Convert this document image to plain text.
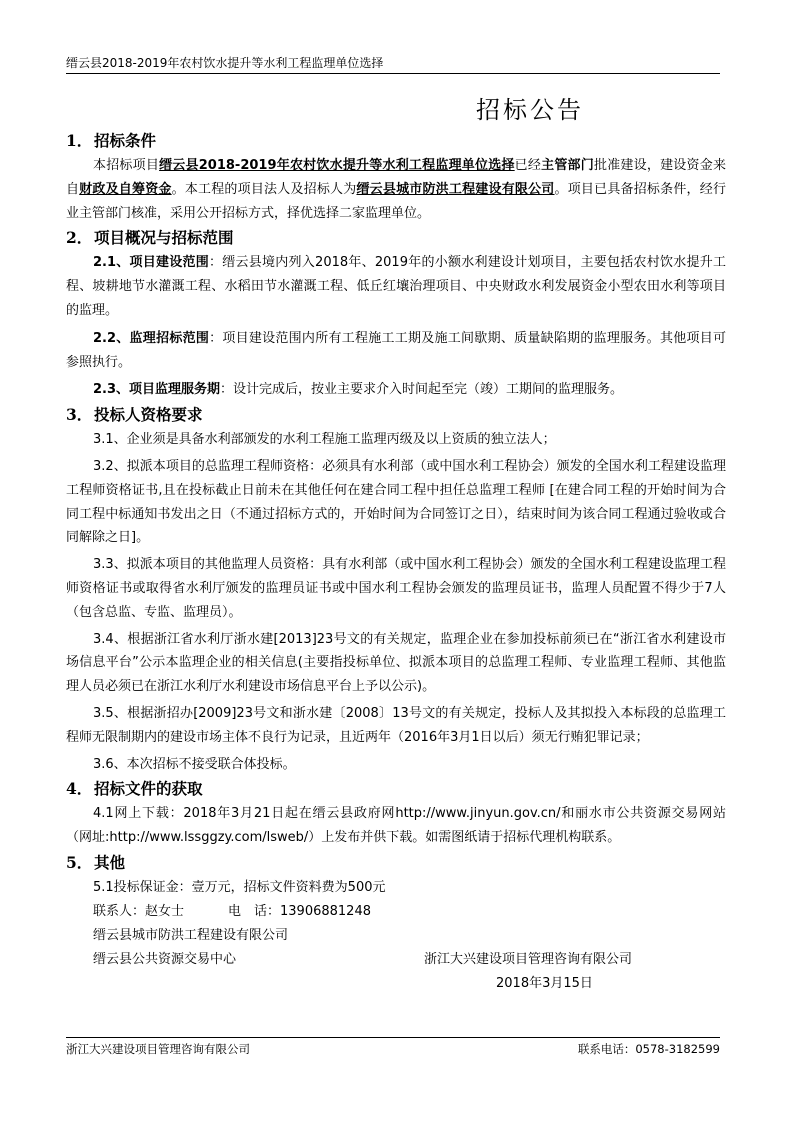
缙云县2018-2019年农村饮水提升等水利工程监理单位选择
招标公告
1． 招标条件

本招标项目缙云县2018-2019年农村饮水提升等水利工程监理单位选择已经主管部门批准建设，建设资金来自财政及自筹资金。本工程的项目法人及招标人为缙云县城市防洪工程建设有限公司。项目已具备招标条件，经行业主管部门核准，采用公开招标方式，择优选择二家监理单位。

2． 项目概况与招标范围

2.1、项目建设范围：缙云县境内列入2018年、2019年的小额水利建设计划项目，主要包括农村饮水提升工程、坡耕地节水灌溉工程、水稻田节水灌溉工程、低丘红壤治理项目、中央财政水利发展资金小型农田水利等项目的监理。

2.2、监理招标范围：项目建设范围内所有工程施工工期及施工间歇期、质量缺陷期的监理服务。其他项目可参照执行。

2.3、项目监理服务期：设计完成后，按业主要求介入时间起至完（竣）工期间的监理服务。

3． 投标人资格要求

3.1、企业须是具备水利部颁发的水利工程施工监理丙级及以上资质的独立法人；

3.2、拟派本项目的总监理工程师资格：必须具有水利部（或中国水利工程协会）颁发的全国水利工程建设监理工程师资格证书,且在投标截止日前未在其他任何在建合同工程中担任总监理工程师 [在建合同工程的开始时间为合同工程中标通知书发出之日（不通过招标方式的，开始时间为合同签订之日），结束时间为该合同工程通过验收或合同解除之日]。

3.3、拟派本项目的其他监理人员资格：具有水利部（或中国水利工程协会）颁发的全国水利工程建设监理工程师资格证书或取得省水利厅颁发的监理员证书或中国水利工程协会颁发的监理员证书，监理人员配置不得少于7人（包含总监、专监、监理员）。

3.4、根据浙江省水利厅浙水建[2013]23号文的有关规定，监理企业在参加投标前须已在“浙江省水利建设市场信息平台”公示本监理企业的相关信息(主要指投标单位、拟派本项目的总监理工程师、专业监理工程师、其他监理人员必须已在浙江水利厅水利建设市场信息平台上予以公示)。

3.5、根据浙招办[2009]23号文和浙水建〔2008〕13号文的有关规定，投标人及其拟投入本标段的总监理工程师无限制期内的建设市场主体不良行为记录，且近两年（2016年3月1日以后）须无行贿犯罪记录；

3.6、本次招标不接受联合体投标。

4． 招标文件的获取

4.1网上下载：2018年3月21日起在缙云县政府网http://www.jinyun.gov.cn/和丽水市公共资源交易网站（网址:http://www.lssggzy.com/lsweb/）上发布并供下载。如需图纸请于招标代理机构联系。

5． 其他

5.1投标保证金：壹万元，招标文件资料费为500元

联系人：赵女士	电　话：13906881248

缙云县城市防洪工程建设有限公司

缙云县公共资源交易中心	浙江大兴建设项目管理咨询有限公司

2018年3月15日

浙江大兴建设项目管理咨询有限公司	联系电话：0578-3182599
